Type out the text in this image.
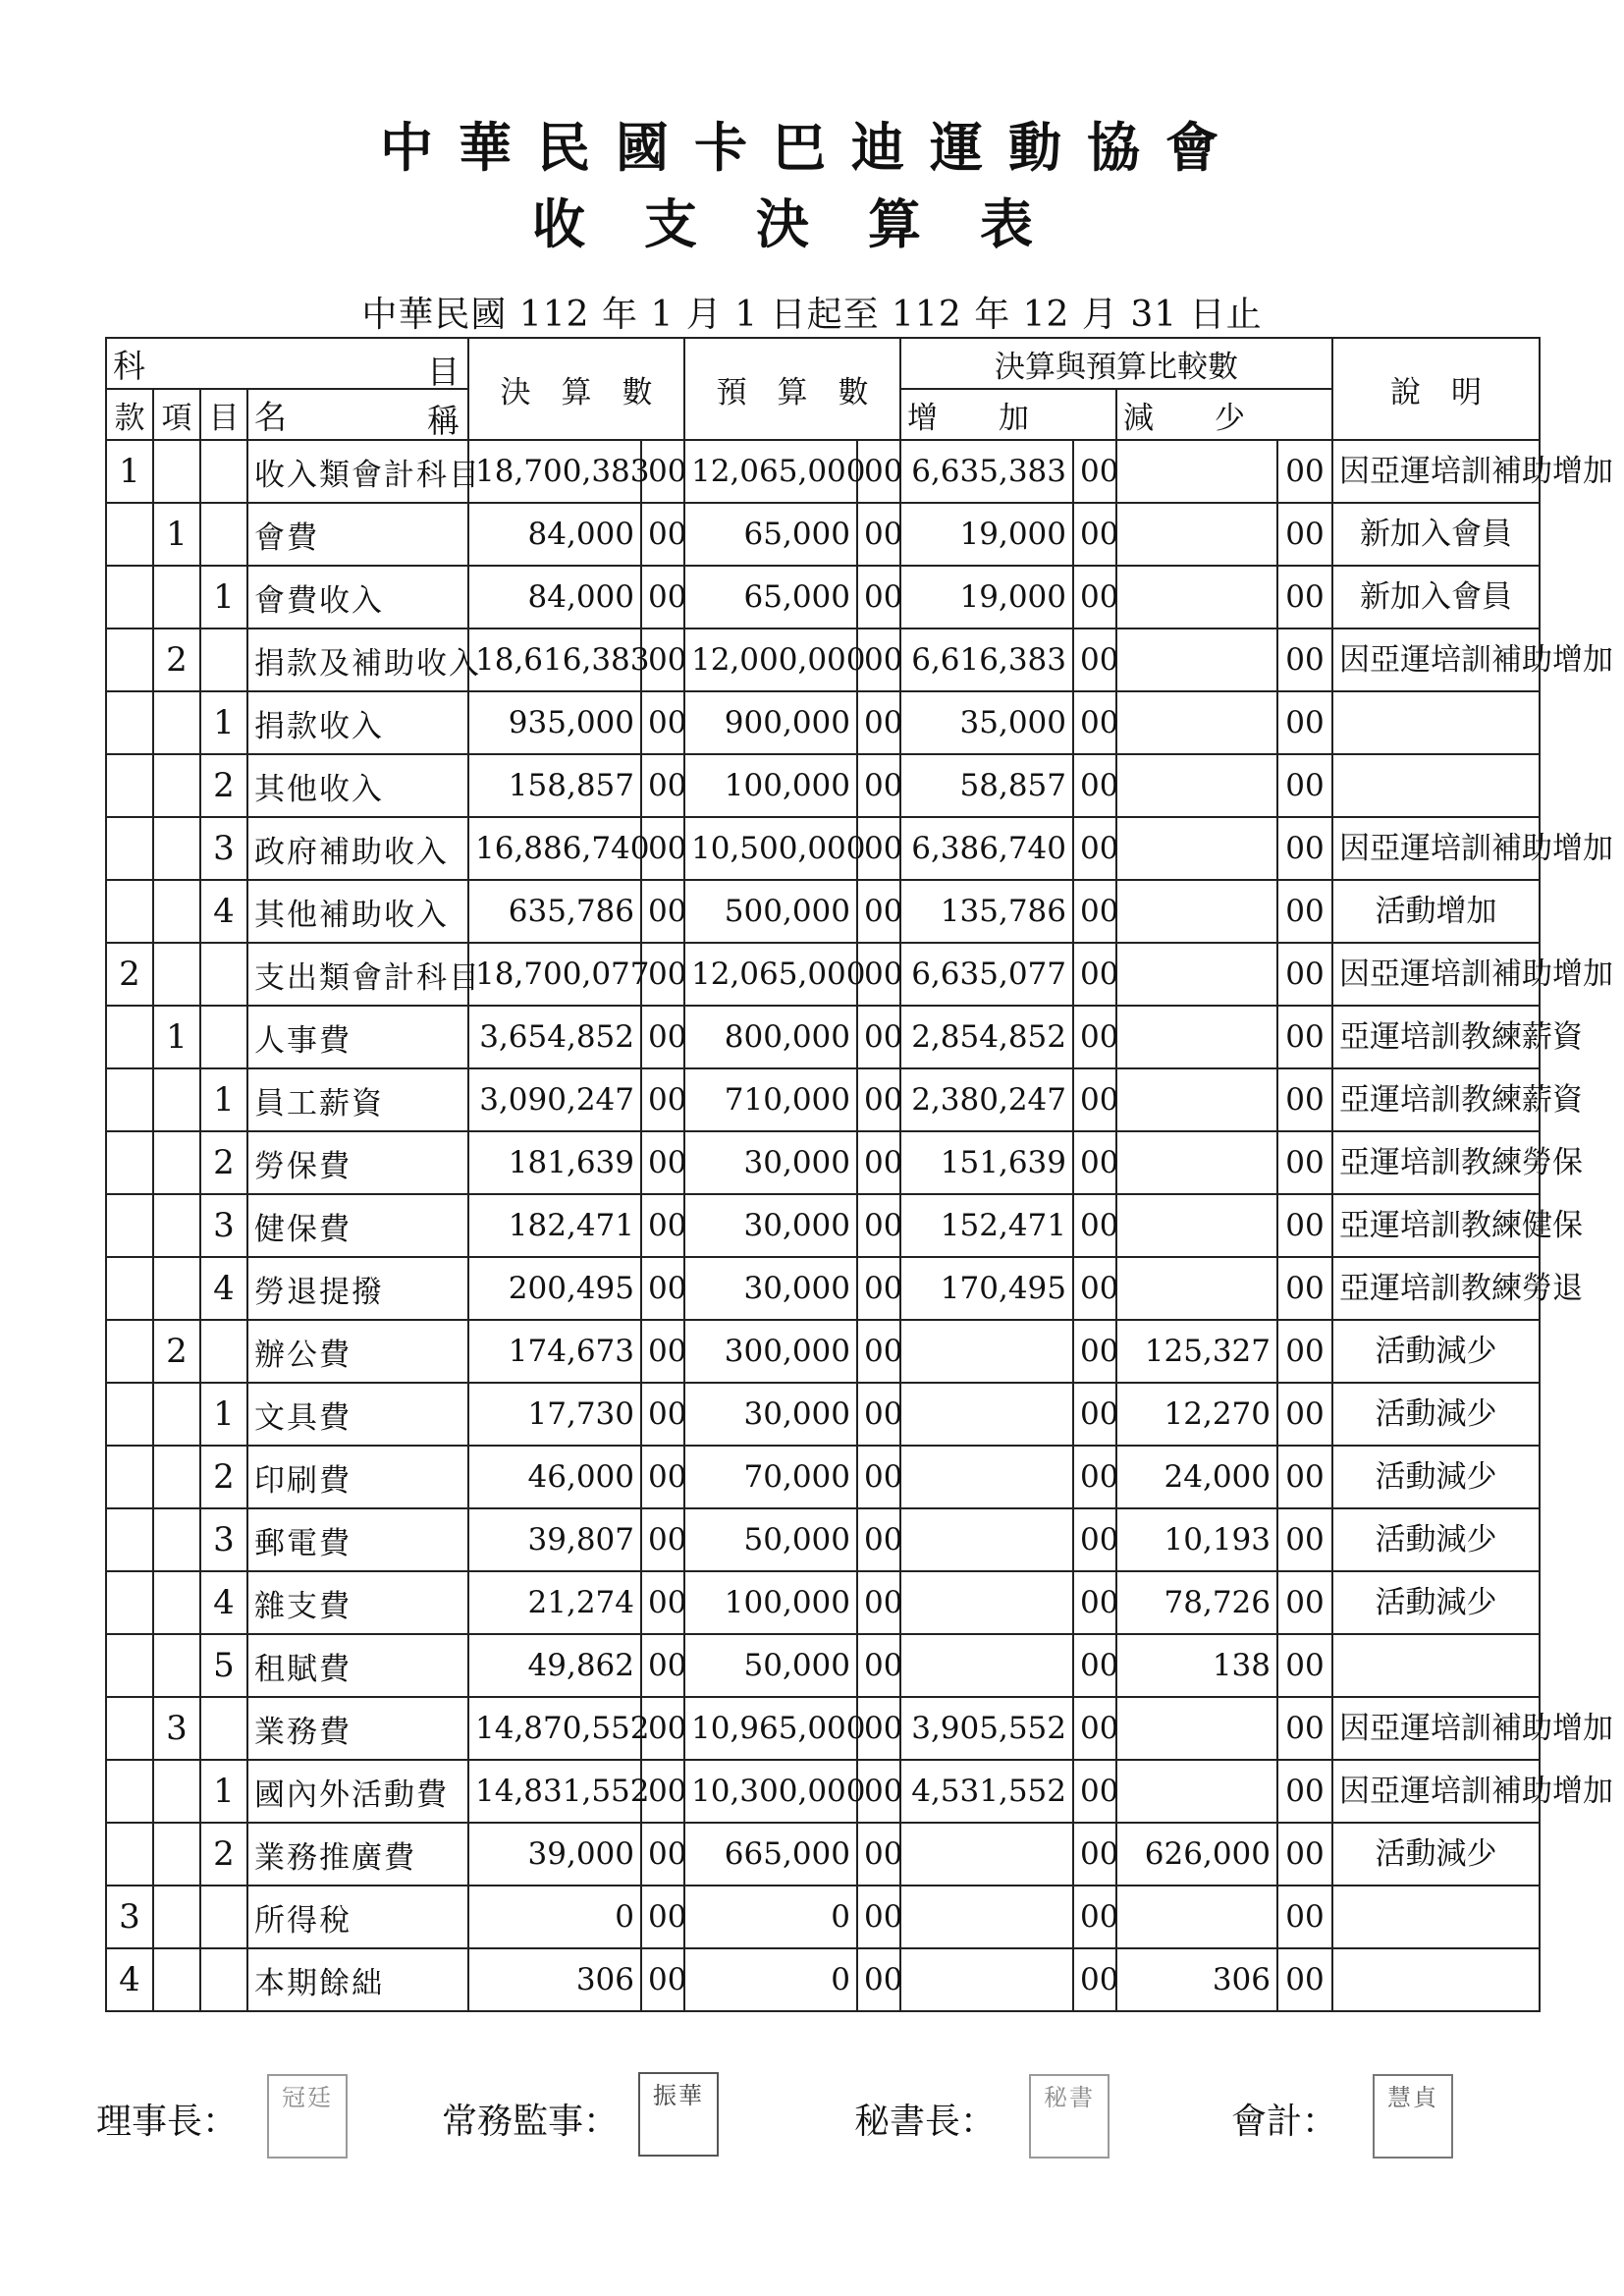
中華民國卡巴迪運動協會
收支決算表
中華民國 112 年 1 月 1 日起至 112 年 12 月 31 日止
科 目				決　算　數		預　算　數		決算與預算比較數				說　明
款	項	目	名 稱					增　　加		減　　少		
1			收入類會計科目	18,700,383	00	12,065,000	00	6,635,383	00		00	因亞運培訓補助增加
	1		會費	84,000	00	65,000	00	19,000	00		00	新加入會員
		1	會費收入	84,000	00	65,000	00	19,000	00		00	新加入會員
	2		捐款及補助收入	18,616,383	00	12,000,000	00	6,616,383	00		00	因亞運培訓補助增加
		1	捐款收入	935,000	00	900,000	00	35,000	00		00	
		2	其他收入	158,857	00	100,000	00	58,857	00		00	
		3	政府補助收入	16,886,740	00	10,500,000	00	6,386,740	00		00	因亞運培訓補助增加
		4	其他補助收入	635,786	00	500,000	00	135,786	00		00	活動增加
2			支出類會計科目	18,700,077	00	12,065,000	00	6,635,077	00		00	因亞運培訓補助增加
	1		人事費	3,654,852	00	800,000	00	2,854,852	00		00	亞運培訓教練薪資
		1	員工薪資	3,090,247	00	710,000	00	2,380,247	00		00	亞運培訓教練薪資
		2	勞保費	181,639	00	30,000	00	151,639	00		00	亞運培訓教練勞保
		3	健保費	182,471	00	30,000	00	152,471	00		00	亞運培訓教練健保
		4	勞退提撥	200,495	00	30,000	00	170,495	00		00	亞運培訓教練勞退
	2		辦公費	174,673	00	300,000	00		00	125,327	00	活動減少
		1	文具費	17,730	00	30,000	00		00	12,270	00	活動減少
		2	印刷費	46,000	00	70,000	00		00	24,000	00	活動減少
		3	郵電費	39,807	00	50,000	00		00	10,193	00	活動減少
		4	雜支費	21,274	00	100,000	00		00	78,726	00	活動減少
		5	租賦費	49,862	00	50,000	00		00	138	00	
	3		業務費	14,870,552	00	10,965,000	00	3,905,552	00		00	因亞運培訓補助增加
		1	國內外活動費	14,831,552	00	10,300,000	00	4,531,552	00		00	因亞運培訓補助增加
		2	業務推廣費	39,000	00	665,000	00		00	626,000	00	活動減少
3			所得稅	0	00	0	00		00		00	
4			本期餘絀	306	00	0	00		00	306	00	
理事長：
冠廷
常務監事：
振華
秘書長：
秘書
會計：
慧貞
